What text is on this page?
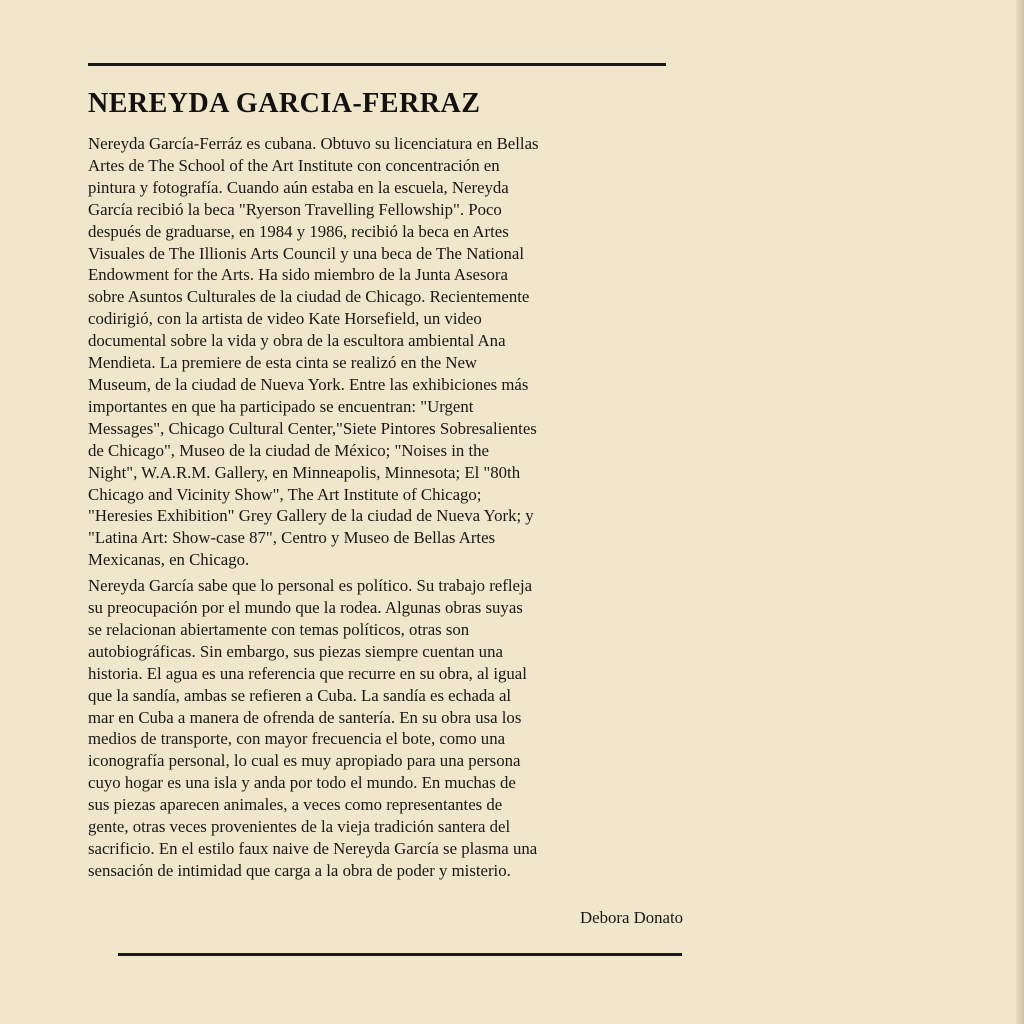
NEREYDA GARCIA-FERRAZ

Nereyda García-Ferráz es cubana. Obtuvo su licenciatura en Bellas
Artes de The School of the Art Institute con concentración en
pintura y fotografía. Cuando aún estaba en la escuela, Nereyda
García recibió la beca "Ryerson Travelling Fellowship". Poco
después de graduarse, en 1984 y 1986, recibió la beca en Artes
Visuales de The Illionis Arts Council y una beca de The National
Endowment for the Arts. Ha sido miembro de la Junta Asesora
sobre Asuntos Culturales de la ciudad de Chicago. Recientemente
codirigió, con la artista de video Kate Horsefield, un video
documental sobre la vida y obra de la escultora ambiental Ana
Mendieta. La premiere de esta cinta se realizó en the New
Museum, de la ciudad de Nueva York. Entre las exhibiciones más
importantes en que ha participado se encuentran: "Urgent
Messages", Chicago Cultural Center,"Siete Pintores Sobresalientes
de Chicago", Museo de la ciudad de México; "Noises in the
Night", W.A.R.M. Gallery, en Minneapolis, Minnesota; El "80th
Chicago and Vicinity Show", The Art Institute of Chicago;
"Heresies Exhibition" Grey Gallery de la ciudad de Nueva York; y
"Latina Art: Show-case 87", Centro y Museo de Bellas Artes
Mexicanas, en Chicago.

Nereyda García sabe que lo personal es político. Su trabajo refleja
su preocupación por el mundo que la rodea. Algunas obras suyas
se relacionan abiertamente con temas políticos, otras son
autobiográficas. Sin embargo, sus piezas siempre cuentan una
historia. El agua es una referencia que recurre en su obra, al igual
que la sandía, ambas se refieren a Cuba. La sandía es echada al
mar en Cuba a manera de ofrenda de santería. En su obra usa los
medios de transporte, con mayor frecuencia el bote, como una
iconografía personal, lo cual es muy apropiado para una persona
cuyo hogar es una isla y anda por todo el mundo. En muchas de
sus piezas aparecen animales, a veces como representantes de
gente, otras veces provenientes de la vieja tradición santera del
sacrificio. En el estilo faux naive de Nereyda García se plasma una
sensación de intimidad que carga a la obra de poder y misterio.

Debora Donato
